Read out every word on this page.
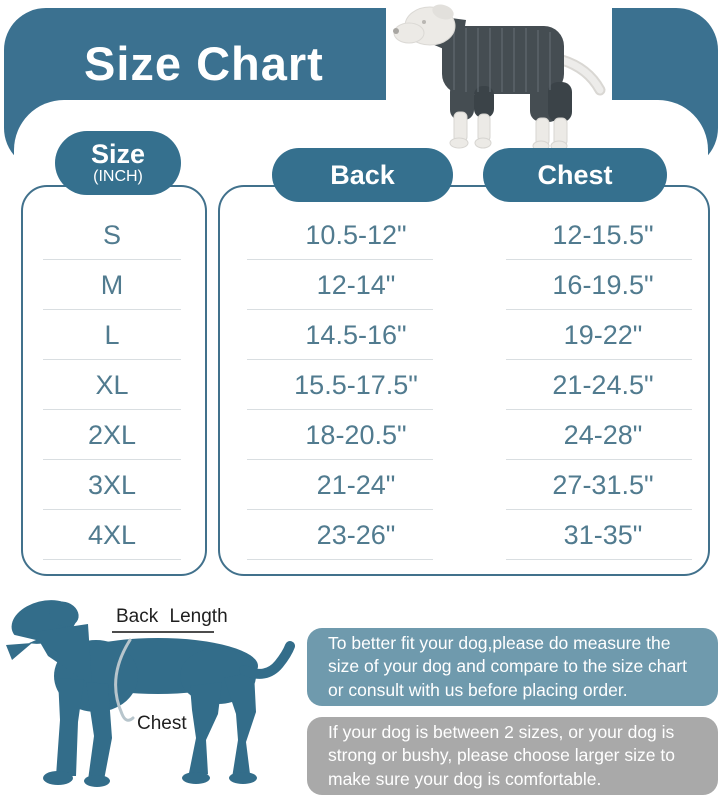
Size Chart
Size
(INCH)	Back	Chest
S	10.5-12"	12-15.5"
M	12-14"	16-19.5"
L	14.5-16"	19-22"
XL	15.5-17.5"	21-24.5"
2XL	18-20.5"	24-28"
3XL	21-24"	27-31.5"
4XL	23-26"	31-35"
Back Length
Chest
To better fit your dog,please do measure the
size of your dog and compare to the size chart
or consult with us before placing order.
If your dog is between 2 sizes, or your dog is
strong or bushy, please choose larger size to
make sure your dog is comfortable.
